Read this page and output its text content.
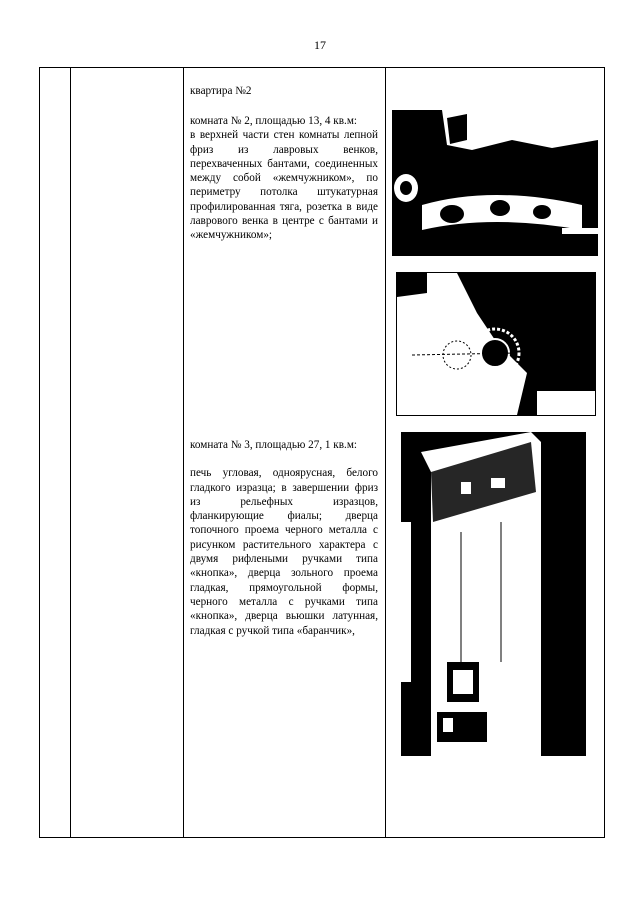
17

квартира №2

комната № 2, площадью 13, 4 кв.м:

в верхней части стен комнаты лепной фриз из лавровых венков, перехваченных бантами, соединенных между собой «жемчужником», по периметру потолка штукатурная профилированная тяга, розетка в виде лаврового венка в центре с бантами и «жемчужником»;

комната № 3, площадью 27, 1 кв.м:

печь угловая, одноярусная, белого гладкого изразца; в завершении фриз из рельефных изразцов, фланкирующие фиалы; дверца топочного проема черного металла с рисунком растительного характера с двумя рифлеными ручками типа «кнопка», дверца зольного проема гладкая, прямоугольной формы, черного металла с ручками типа «кнопка», дверца вьюшки латунная, гладкая с ручкой типа «баранчик»,
